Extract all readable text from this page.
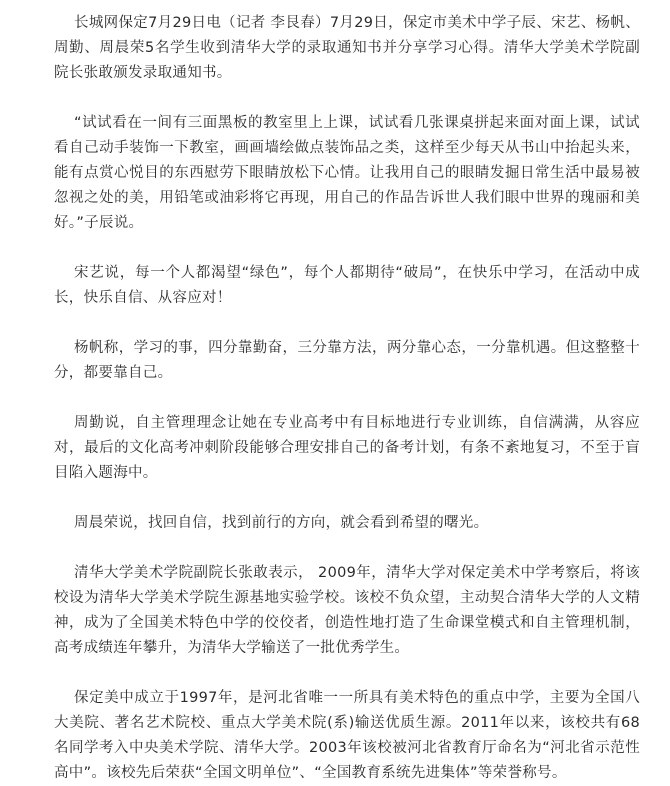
长城网保定7月29日电（记者 李艮春）7月29日，保定市美术中学子辰、宋艺、杨帆、周勤、周晨荣5名学生收到清华大学的录取通知书并分享学习心得。清华大学美术学院副院长张敢颁发录取通知书。

“试试看在一间有三面黑板的教室里上上课，试试看几张课桌拼起来面对面上课，试试看自己动手装饰一下教室，画画墙绘做点装饰品之类，这样至少每天从书山中抬起头来，能有点赏心悦目的东西慰劳下眼睛放松下心情。让我用自己的眼睛发掘日常生活中最易被忽视之处的美，用铅笔或油彩将它再现，用自己的作品告诉世人我们眼中世界的瑰丽和美好。”子辰说。

宋艺说，每一个人都渴望“绿色”，每个人都期待“破局”，在快乐中学习，在活动中成长，快乐自信、从容应对！

杨帆称，学习的事，四分靠勤奋，三分靠方法，两分靠心态，一分靠机遇。但这整整十分，都要靠自己。

周勤说，自主管理理念让她在专业高考中有目标地进行专业训练，自信满满，从容应对，最后的文化高考冲刺阶段能够合理安排自己的备考计划，有条不紊地复习，不至于盲目陷入题海中。

周晨荣说，找回自信，找到前行的方向，就会看到希望的曙光。

清华大学美术学院副院长张敢表示， 2009年，清华大学对保定美术中学考察后，将该校设为清华大学美术学院生源基地实验学校。该校不负众望，主动契合清华大学的人文精神，成为了全国美术特色中学的佼佼者，创造性地打造了生命课堂模式和自主管理机制，高考成绩连年攀升，为清华大学输送了一批优秀学生。

保定美中成立于1997年，是河北省唯一一所具有美术特色的重点中学，主要为全国八大美院、著名艺术院校、重点大学美术院(系)输送优质生源。2011年以来，该校共有68名同学考入中央美术学院、清华大学。2003年该校被河北省教育厅命名为“河北省示范性高中”。该校先后荣获“全国文明单位”、“全国教育系统先进集体”等荣誉称号。
